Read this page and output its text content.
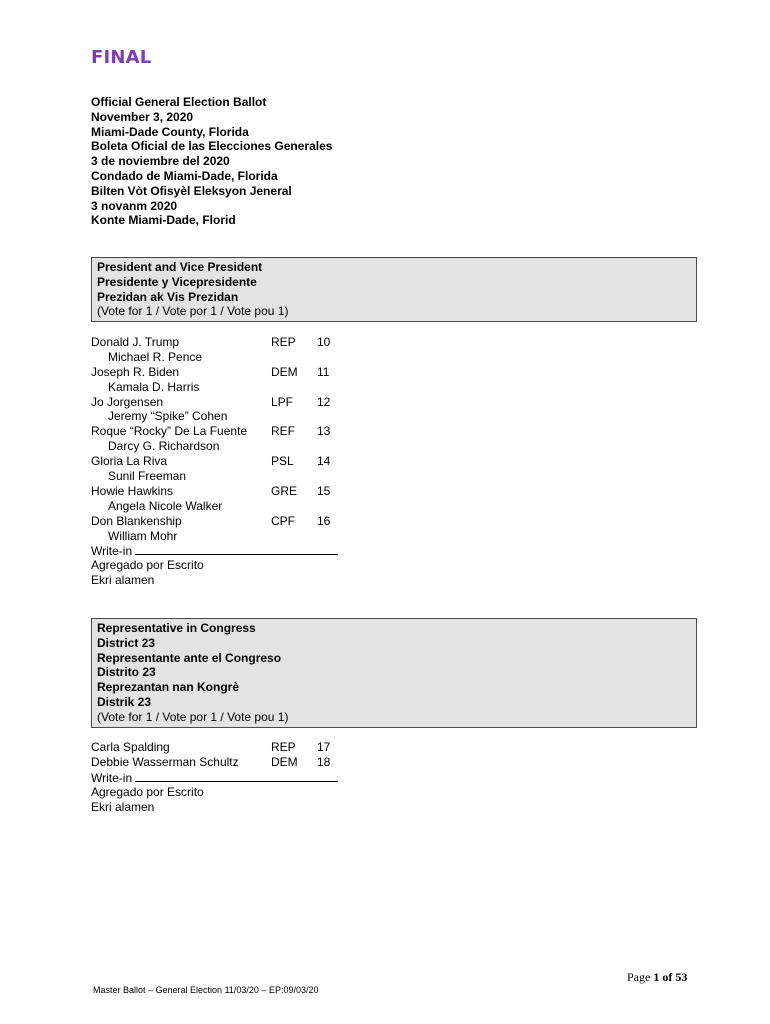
FINAL
Official General Election Ballot
November 3, 2020
Miami-Dade County, Florida
Boleta Oficial de las Elecciones Generales
3 de noviembre del 2020
Condado de Miami-Dade, Florida
Bilten Vòt Ofisyèl Eleksyon Jeneral
3 novanm 2020
Konte Miami-Dade, Florid
President and Vice President
Presidente y Vicepresidente
Prezidan ak Vis Prezidan
(Vote for 1 / Vote por 1 / Vote pou 1)
Donald J. Trump	REP 10
Michael R. Pence
Joseph R. Biden	DEM 11
Kamala D. Harris
Jo Jorgensen	LPF 12
Jeremy “Spike” Cohen
Roque “Rocky” De La Fuente REF 13
Darcy G. Richardson
Gloria La Riva	PSL 14
Sunil Freeman
Howie Hawkins	GRE 15
Angela Nicole Walker
Don Blankenship	CPF 16
William Mohr
Write-in
Agregado por Escrito
Ekri alamen
Representative in Congress
District 23
Representante ante el Congreso
Distrito 23
Reprezantan nan Kongrè
Distrik 23
(Vote for 1 / Vote por 1 / Vote pou 1)
Carla Spalding	REP 17
Debbie Wasserman Schultz	DEM 18
Write-in
Agregado por Escrito
Ekri alamen
Page 1 of 53
Master Ballot – General Election 11/03/20 – EP:09/03/20
